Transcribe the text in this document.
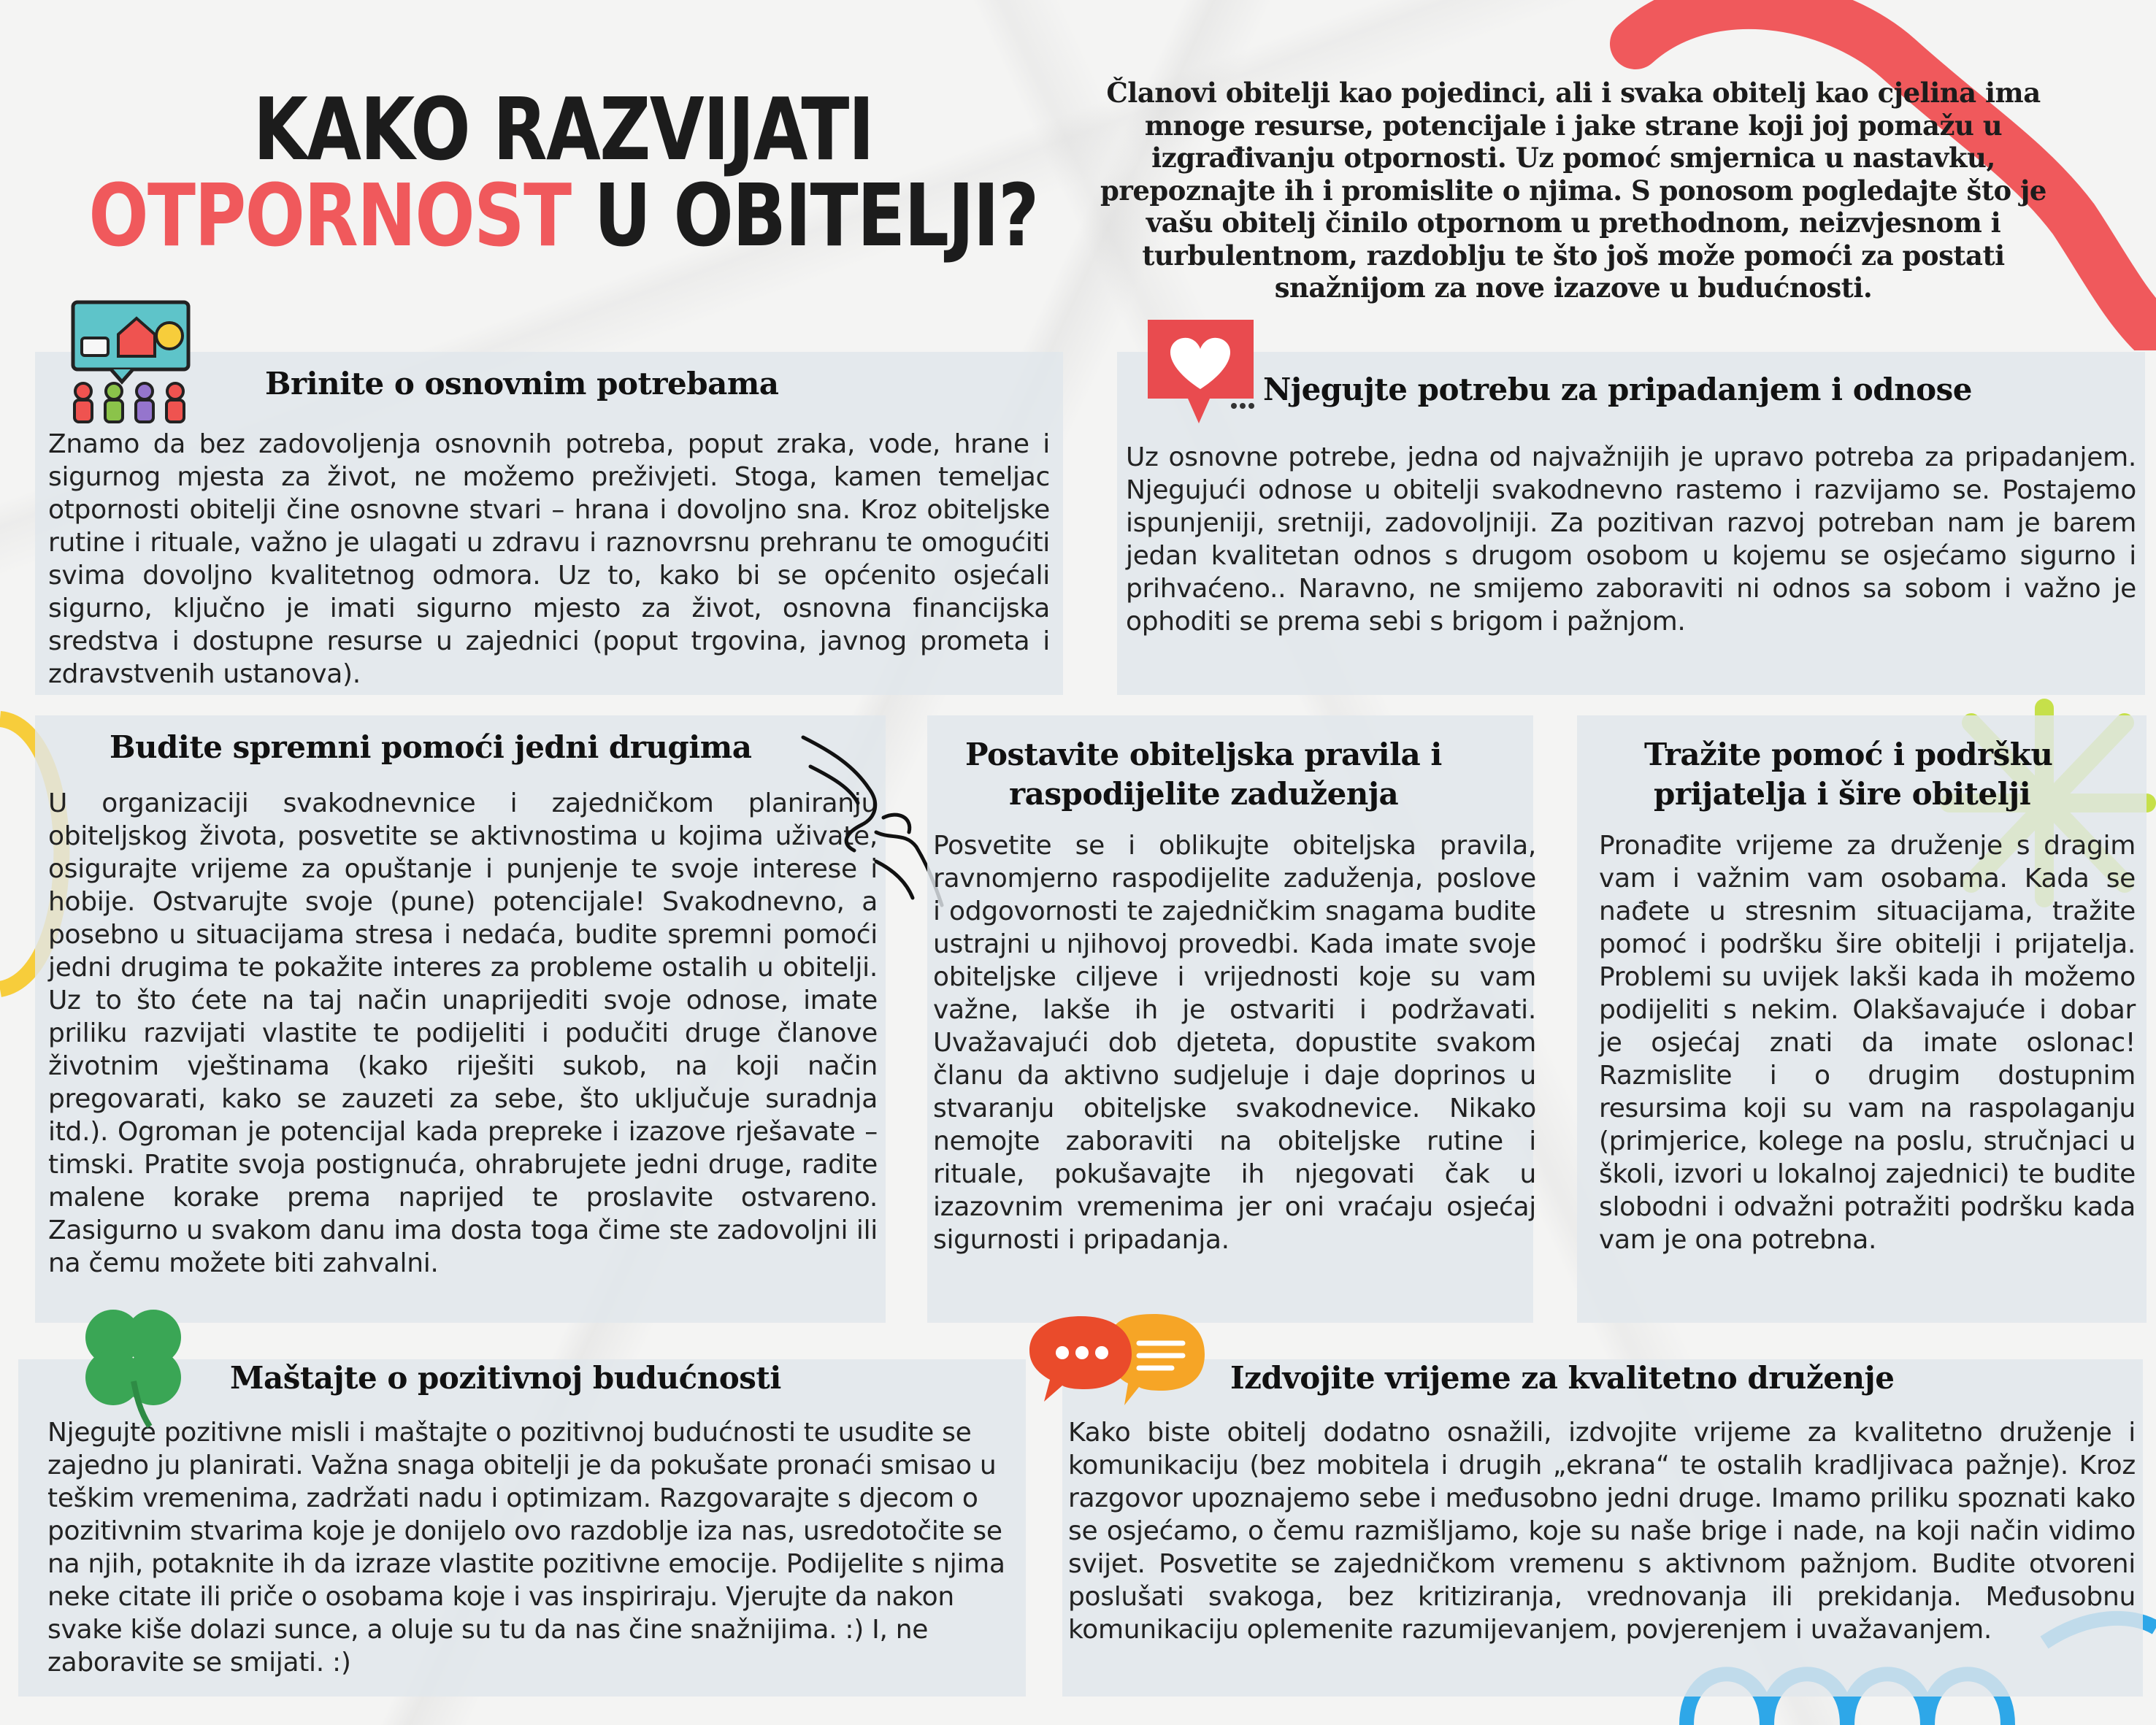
KAKO RAZVIJATI
OTPORNOST U OBITELJI?
Članovi obitelji kao pojedinci, ali i svaka obitelj kao cjelina ima mnoge resurse, potencijale i jake strane koji joj pomažu u izgrađivanju otpornosti. Uz pomoć smjernica u nastavku, prepoznajte ih i promislite o njima. S ponosom pogledajte što je vašu obitelj činilo otpornom u prethodnom, neizvjesnom i turbulentnom, razdoblju te što još može pomoći za postati snažnijom za nove izazove u budućnosti.
Brinite o osnovnim potrebama

Znamo da bez zadovoljenja osnovnih potreba, poput zraka, vode, hrane i sigurnog mjesta za život, ne možemo preživjeti. Stoga, kamen temeljac otpornosti obitelji čine osnovne stvari – hrana i dovoljno sna. Kroz obiteljske rutine i rituale, važno je ulagati u zdravu i raznovrsnu prehranu te omogućiti svima dovoljno kvalitetnog odmora. Uz to, kako bi se općenito osjećali sigurno, ključno je imati sigurno mjesto za život, osnovna financijska sredstva i dostupne resurse u zajednici (poput trgovina, javnog prometa i zdravstvenih ustanova).

Njegujte potrebu za pripadanjem i odnose

Uz osnovne potrebe, jedna od najvažnijih je upravo potreba za pripadanjem. Njegujući odnose u obitelji svakodnevno rastemo i razvijamo se. Postajemo ispunjeniji, sretniji, zadovoljniji. Za pozitivan razvoj potreban nam je barem jedan kvalitetan odnos s drugom osobom u kojemu se osjećamo sigurno i prihvaćeno.. Naravno, ne smijemo zaboraviti ni odnos sa sobom i važno je ophoditi se prema sebi s brigom i pažnjom.

Budite spremni pomoći jedni drugima

U organizaciji svakodnevnice i zajedničkom planiranju obiteljskog života, posvetite se aktivnostima u kojima uživate, osigurajte vrijeme za opuštanje i punjenje te svoje interese i hobije. Ostvarujte svoje (pune) potencijale! Svakodnevno, a posebno u situacijama stresa i nedaća, budite spremni pomoći jedni drugima te pokažite interes za probleme ostalih u obitelji. Uz to što ćete na taj način unaprijediti svoje odnose, imate priliku razvijati vlastite te podijeliti i podučiti druge članove životnim vještinama (kako riješiti sukob, na koji način pregovarati, kako se zauzeti za sebe, što uključuje suradnja itd.). Ogroman je potencijal kada prepreke i izazove rješavate – timski. Pratite svoja postignuća, ohrabrujete jedni druge, radite malene korake prema naprijed te proslavite ostvareno. Zasigurno u svakom danu ima dosta toga čime ste zadovoljni ili na čemu možete biti zahvalni.

Postavite obiteljska pravila i
raspodijelite zaduženja

Posvetite se i oblikujte obiteljska pravila, ravnomjerno raspodijelite zaduženja, poslove i odgovornosti te zajedničkim snagama budite ustrajni u njihovoj provedbi. Kada imate svoje obiteljske ciljeve i vrijednosti koje su vam važne, lakše ih je ostvariti i podržavati. Uvažavajući dob djeteta, dopustite svakom članu da aktivno sudjeluje i daje doprinos u stvaranju obiteljske svakodnevice. Nikako nemojte zaboraviti na obiteljske rutine i rituale, pokušavajte ih njegovati čak u izazovnim vremenima jer oni vraćaju osjećaj sigurnosti i pripadanja.

Tražite pomoć i podršku
prijatelja i šire obitelji

Pronađite vrijeme za druženje s dragim vam i važnim vam osobama. Kada se nađete u stresnim situacijama, tražite pomoć i podršku šire obitelji i prijatelja. Problemi su uvijek lakši kada ih možemo podijeliti s nekim. Olakšavajuće i dobar je osjećaj znati da imate oslonac! Razmislite i o drugim dostupnim resursima koji su vam na raspolaganju (primjerice, kolege na poslu, stručnjaci u školi, izvori u lokalnoj zajednici) te budite slobodni i odvažni potražiti podršku kada vam je ona potrebna.

Maštajte o pozitivnoj budućnosti

Njegujte pozitivne misli i maštajte o pozitivnoj budućnosti te usudite se zajedno ju planirati. Važna snaga obitelji je da pokušate pronaći smisao u teškim vremenima, zadržati nadu i optimizam. Razgovarajte s djecom o pozitivnim stvarima koje je donijelo ovo razdoblje iza nas, usredotočite se na njih, potaknite ih da izraze vlastite pozitivne emocije. Podijelite s njima neke citate ili priče o osobama koje i vas inspiriraju. Vjerujte da nakon svake kiše dolazi sunce, a oluje su tu da nas čine snažnijima. :) I, ne zaboravite se smijati. :)

Izdvojite vrijeme za kvalitetno druženje

Kako biste obitelj dodatno osnažili, izdvojite vrijeme za kvalitetno druženje i komunikaciju (bez mobitela i drugih „ekrana“ te ostalih kradljivaca pažnje). Kroz razgovor upoznajemo sebe i međusobno jedni druge. Imamo priliku spoznati kako se osjećamo, o čemu razmišljamo, koje su naše brige i nade, na koji način vidimo svijet. Posvetite se zajedničkom vremenu s aktivnom pažnjom. Budite otvoreni poslušati svakoga, bez kritiziranja, vrednovanja ili prekidanja. Međusobnu komunikaciju oplemenite razumijevanjem, povjerenjem i uvažavanjem.
